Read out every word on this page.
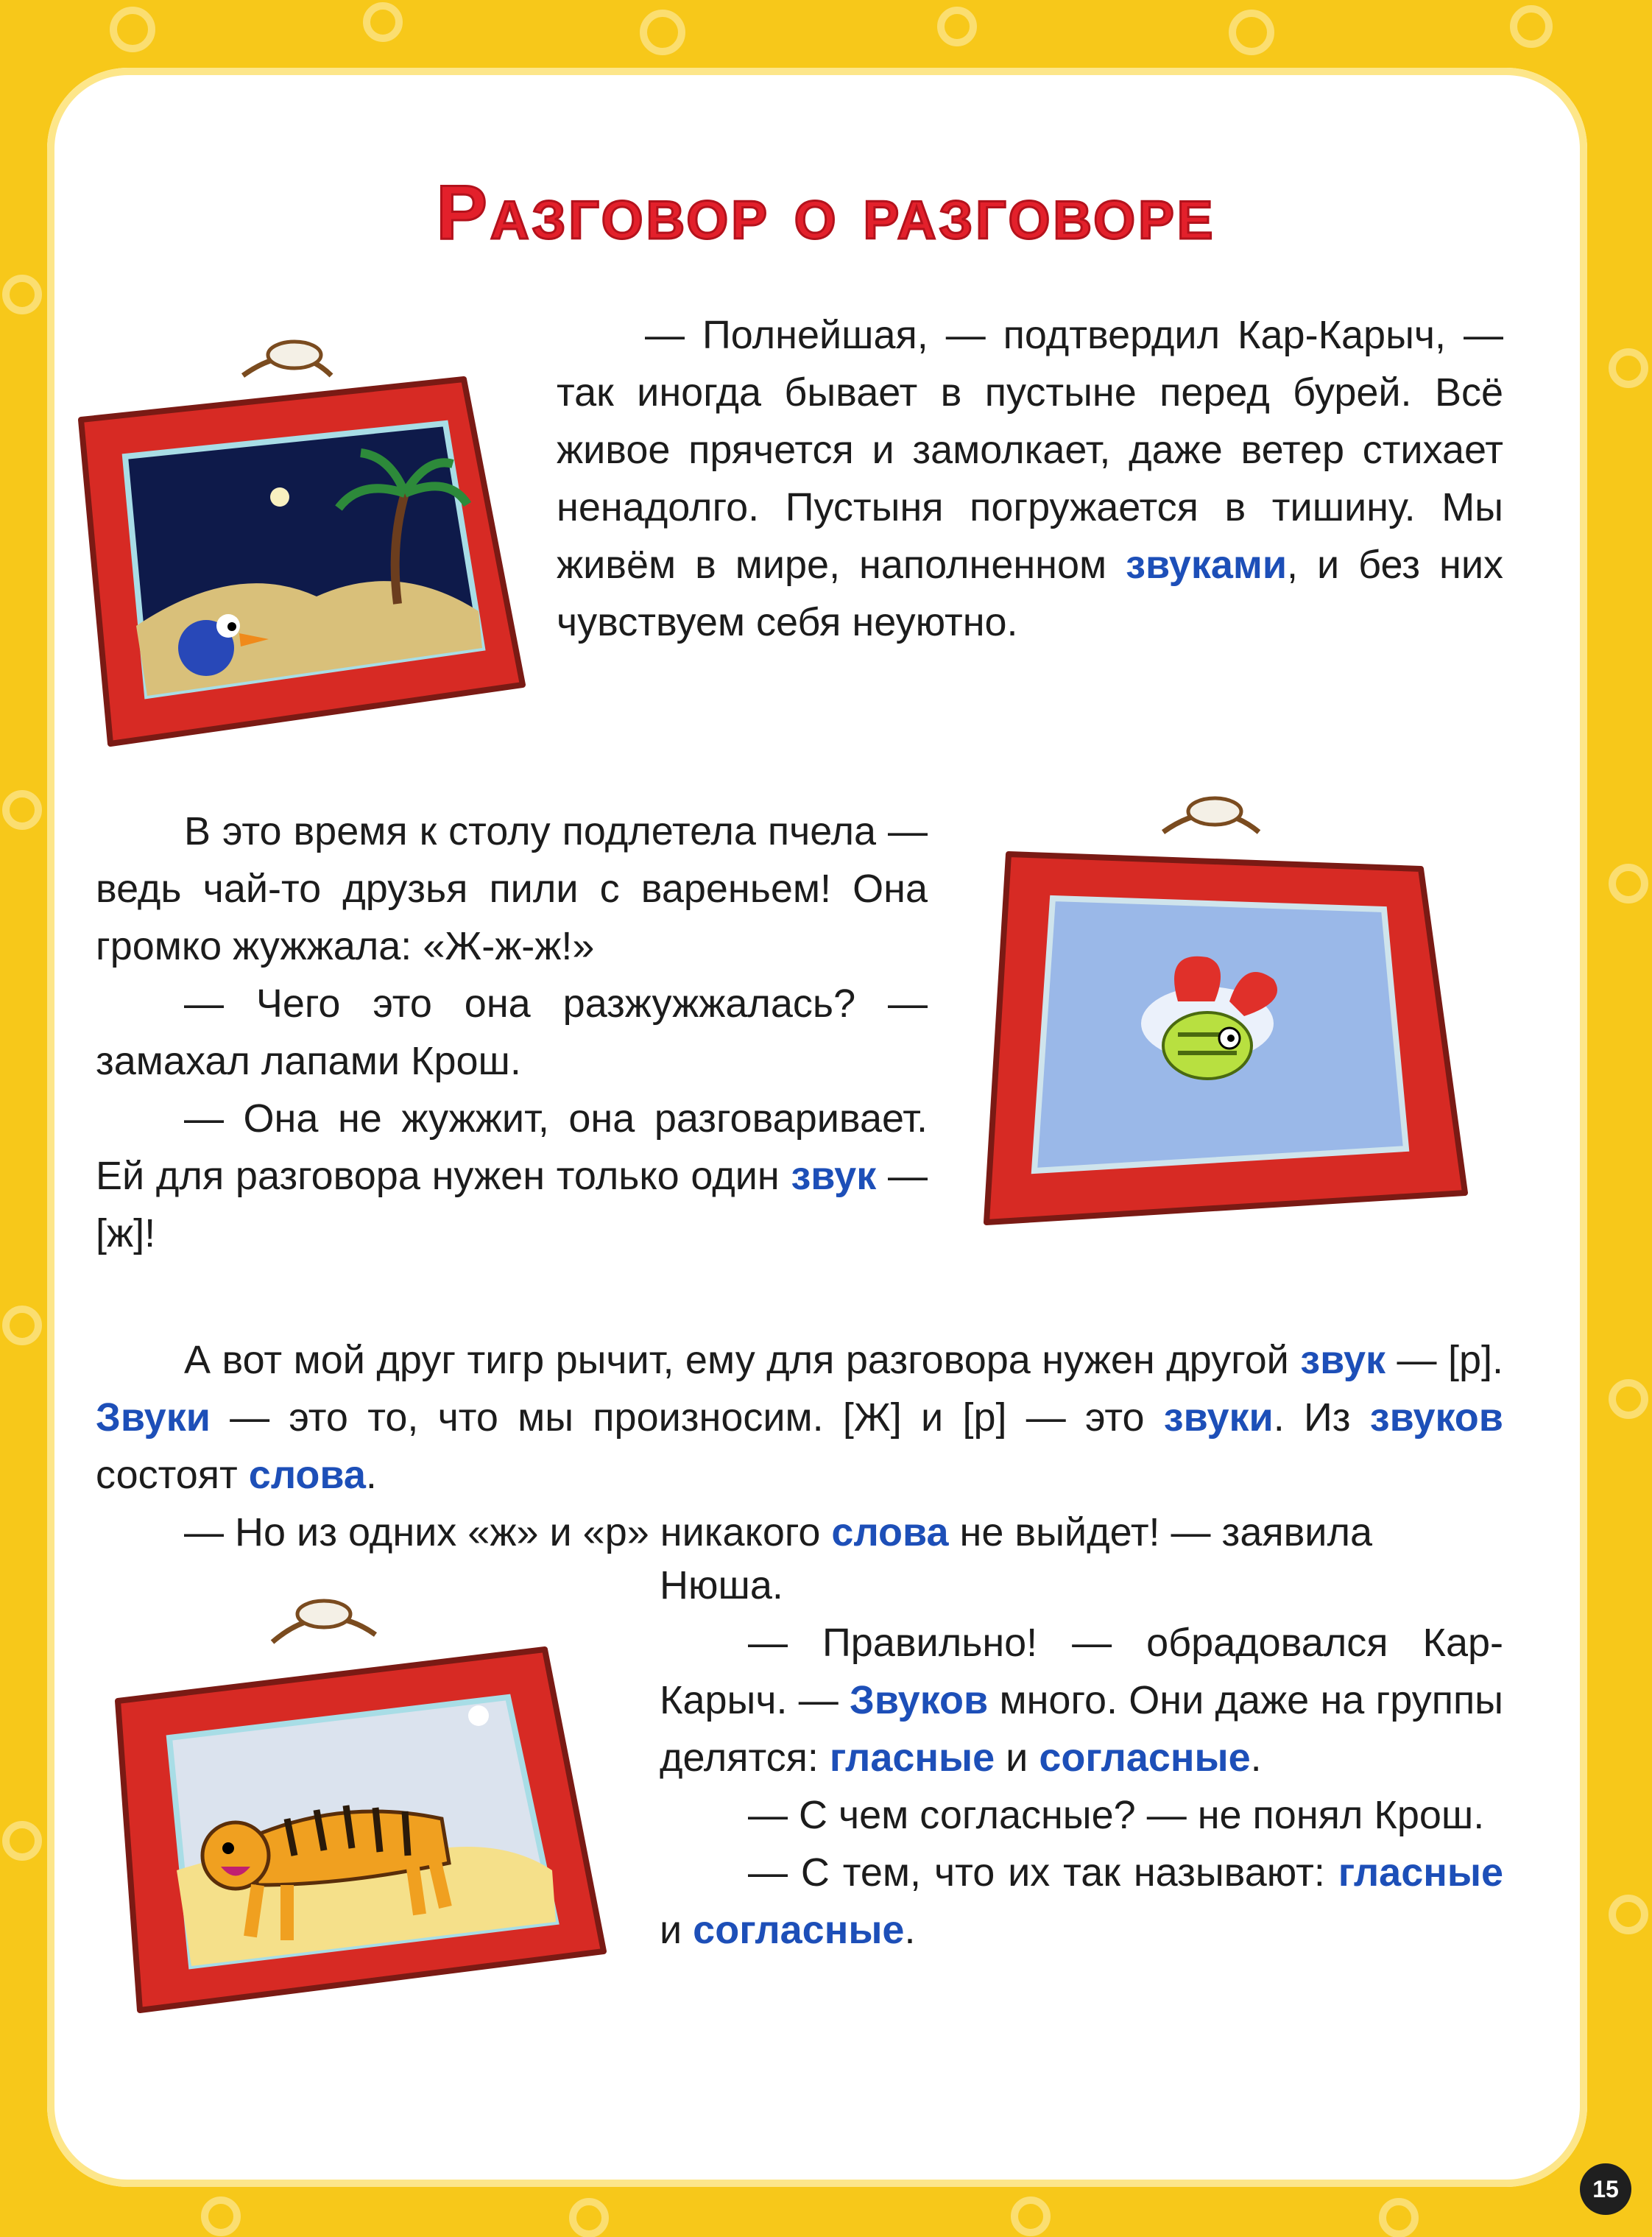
Разговор о разговоре

— Полнейшая, — подтвердил Кар-Карыч, — так иногда бывает в пустыне перед бурей. Всё живое прячется и замолкает, даже ветер стихает ненадолго. Пустыня погружается в тишину. Мы живём в мире, наполненном звуками, и без них чувствуем себя неуютно.

В это время к столу подлетела пчела — ведь чай-то друзья пили с вареньем! Она громко жужжала: «Ж-ж-ж!»

— Чего это она разжужжалась? — замахал лапами Крош.

— Она не жужжит, она разговаривает. Ей для разговора нужен только один звук — [ж]!

А вот мой друг тигр рычит, ему для разговора нужен другой звук — [р]. Звуки — это то, что мы произносим. [Ж] и [р] — это звуки. Из звуков состоят слова.

— Но из одних «ж» и «р» никакого слова не выйдет! — заявила

Нюша.

— Правильно! — обрадовался Кар-Карыч. — Звуков много. Они даже на группы делятся: гласные и согласные.

— С чем согласные? — не понял Крош.

— С тем, что их так называют: гласные и согласные.

15
